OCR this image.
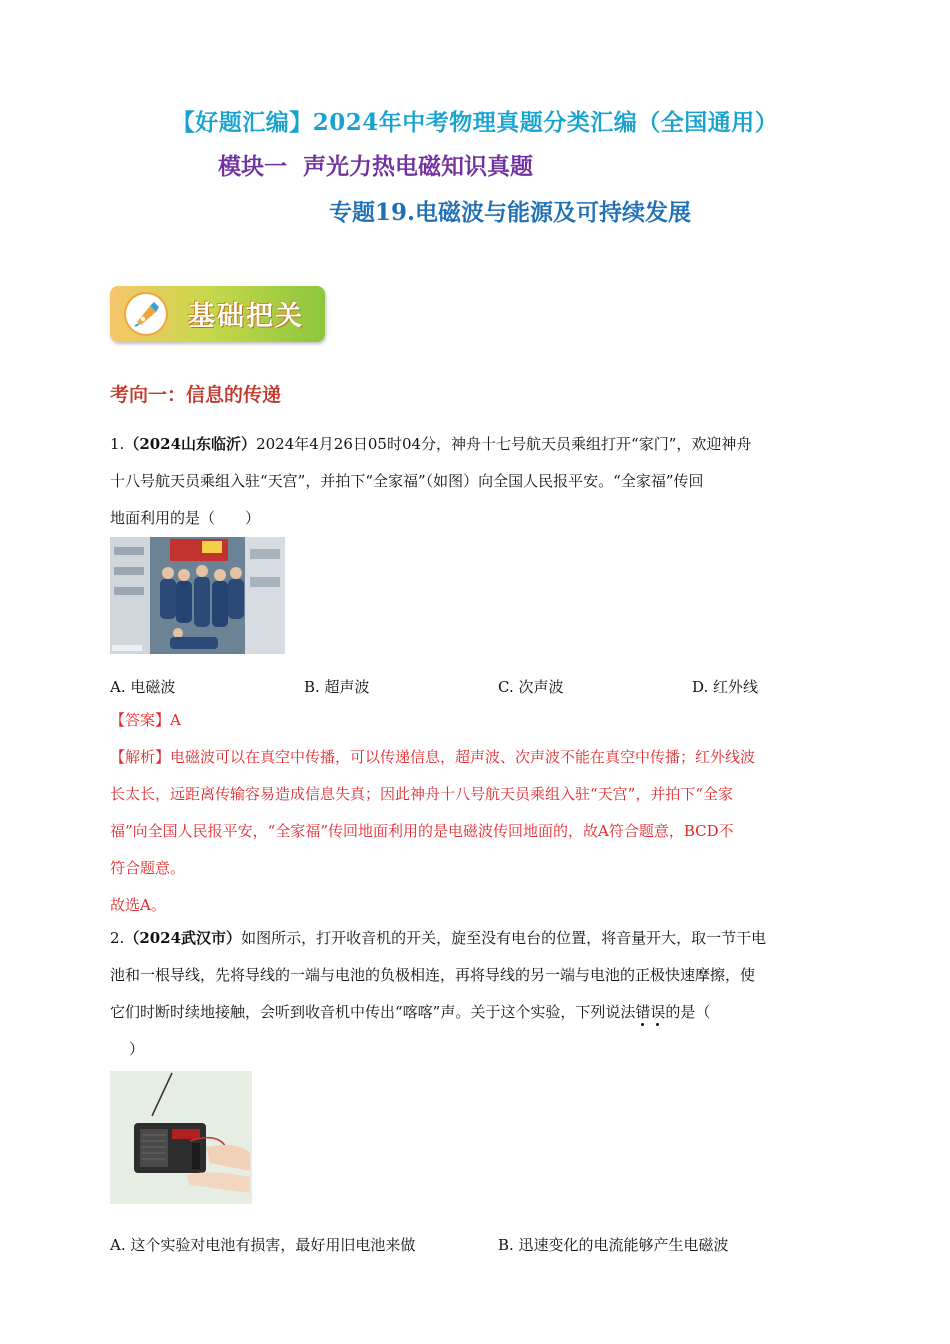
【好题汇编】2024年中考物理真题分类汇编（全国通用）
模块一  声光力热电磁知识真题
专题19.电磁波与能源及可持续发展
基础把关
考向一：信息的传递
1.（2024山东临沂）2024年4月26日05时04分，神舟十七号航天员乘组打开“家门”，欢迎神舟
十八号航天员乘组入驻“天宫”，并拍下“全家福”（如图）向全国人民报平安。“全家福”传回
地面利用的是（　　）
A. 电磁波	B. 超声波	C. 次声波	D. 红外线
【答案】A
【解析】电磁波可以在真空中传播，可以传递信息，超声波、次声波不能在真空中传播；红外线波
长太长，远距离传输容易造成信息失真；因此神舟十八号航天员乘组入驻“天宫”，并拍下“全家
福”向全国人民报平安，“全家福”传回地面利用的是电磁波传回地面的，故A符合题意，BCD不
符合题意。
故选A。
2.（2024武汉市）如图所示，打开收音机的开关，旋至没有电台的位置，将音量开大，取一节干电
池和一根导线，先将导线的一端与电池的负极相连，再将导线的另一端与电池的正极快速摩擦，使
它们时断时续地接触，会听到收音机中传出“喀喀”声。关于这个实验，下列说法错误的是（
　）
A. 这个实验对电池有损害，最好用旧电池来做	B. 迅速变化的电流能够产生电磁波
